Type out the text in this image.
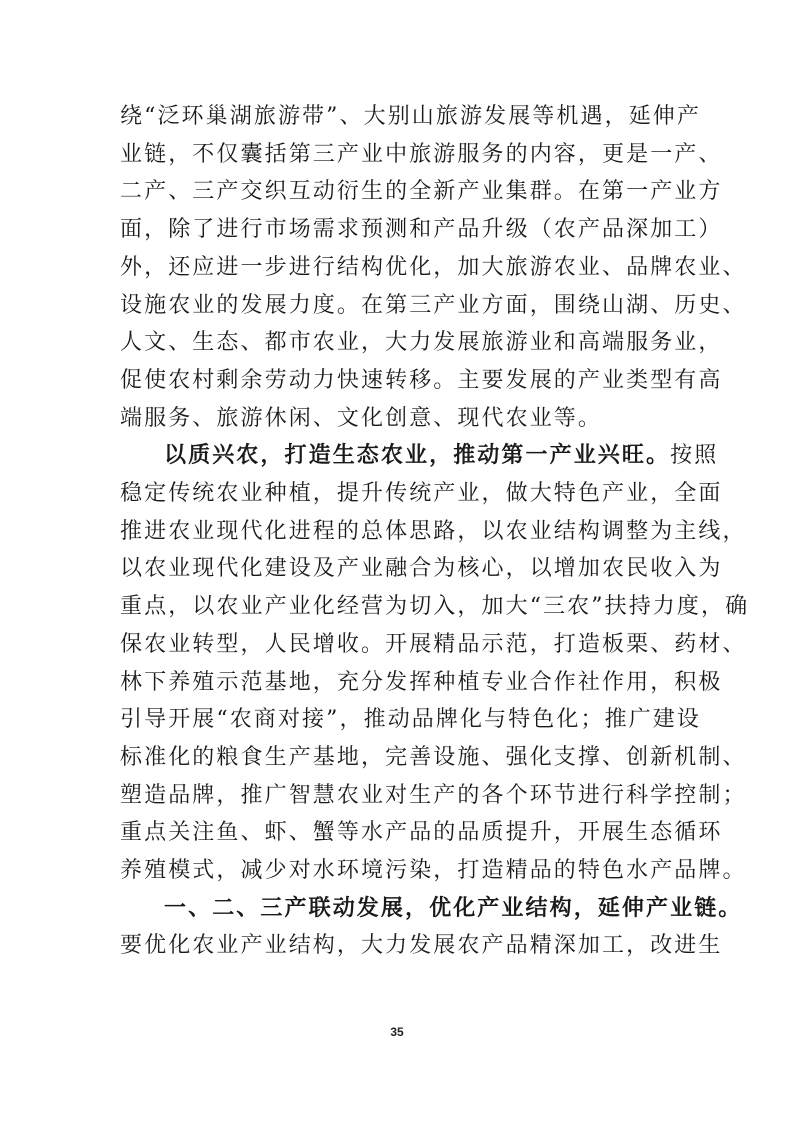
绕“泛环巢湖旅游带”、大别山旅游发展等机遇，延伸产
业链，不仅囊括第三产业中旅游服务的内容，更是一产、
二产、三产交织互动衍生的全新产业集群。在第一产业方
面，除了进行市场需求预测和产品升级（农产品深加工）
外，还应进一步进行结构优化，加大旅游农业、品牌农业、
设施农业的发展力度。在第三产业方面，围绕山湖、历史、
人文、生态、都市农业，大力发展旅游业和高端服务业，
促使农村剩余劳动力快速转移。主要发展的产业类型有高
端服务、旅游休闲、文化创意、现代农业等。
以质兴农，打造生态农业，推动第一产业兴旺。按照
稳定传统农业种植，提升传统产业，做大特色产业，全面
推进农业现代化进程的总体思路，以农业结构调整为主线，
以农业现代化建设及产业融合为核心，以增加农民收入为
重点，以农业产业化经营为切入，加大“三农”扶持力度，确
保农业转型，人民增收。开展精品示范，打造板栗、药材、
林下养殖示范基地，充分发挥种植专业合作社作用，积极
引导开展“农商对接”，推动品牌化与特色化；推广建设
标准化的粮食生产基地，完善设施、强化支撑、创新机制、
塑造品牌，推广智慧农业对生产的各个环节进行科学控制；
重点关注鱼、虾、蟹等水产品的品质提升，开展生态循环
养殖模式，减少对水环境污染，打造精品的特色水产品牌。
一、二、三产联动发展，优化产业结构，延伸产业链。
要优化农业产业结构，大力发展农产品精深加工，改进生
35
